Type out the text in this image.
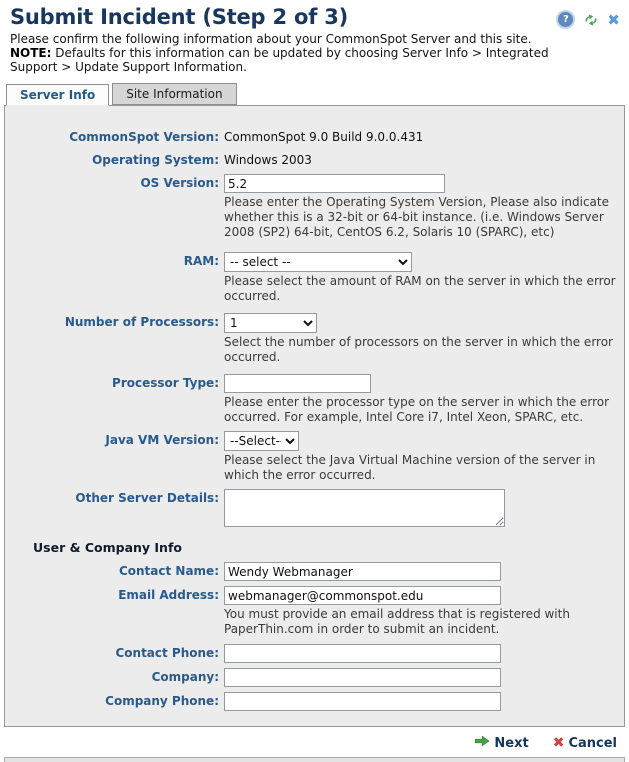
Submit Incident (Step 2 of 3)	?	✖
Please confirm the following information about your CommonSpot Server and this site.
NOTE: Defaults for this information can be updated by choosing Server Info > Integrated Support > Update Support Information.
Server Info	Site Information
CommonSpot Version: CommonSpot 9.0 Build 9.0.0.431
Operating System: Windows 2003
OS Version:
5.2
Please enter the Operating System Version, Please also indicate whether this is a 32-bit or 64-bit instance. (i.e. Windows Server 2008 (SP2) 64-bit, CentOS 6.2, Solaris 10 (SPARC), etc)
RAM:
-- select --
Please select the amount of RAM on the server in which the error occurred.
Number of Processors:
1
Select the number of processors on the server in which the error occurred.
Processor Type:
Please enter the processor type on the server in which the error occurred. For example, Intel Core i7, Intel Xeon, SPARC, etc.
Java VM Version:
--Select--
Please select the Java Virtual Machine version of the server in which the error occurred.
Other Server Details:
User & Company Info
Contact Name:
Wendy Webmanager
Email Address:
webmanager@commonspot.edu
You must provide an email address that is registered with PaperThin.com in order to submit an incident.
Contact Phone:
Company:
Company Phone:
Next ✖ Cancel
